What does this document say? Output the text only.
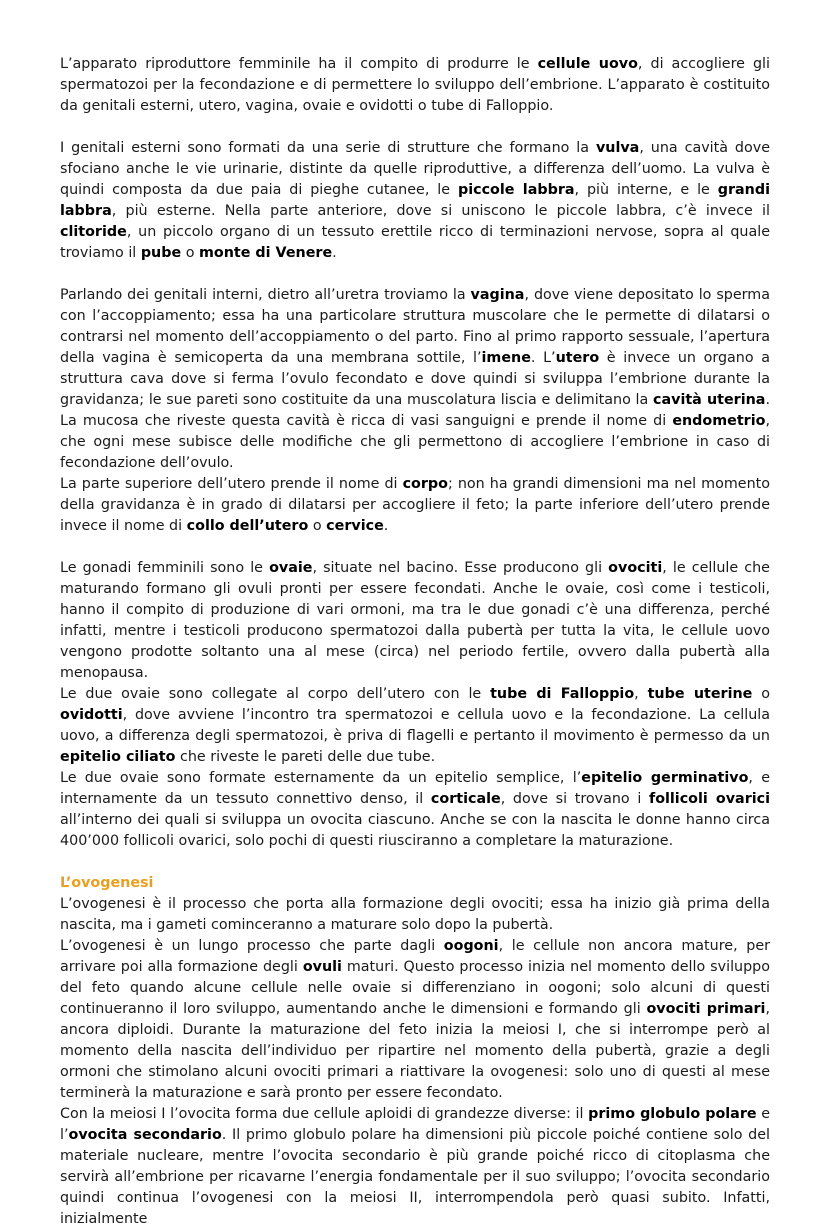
L’apparato riproduttore femminile ha il compito di produrre le cellule uovo, di accogliere gli spermatozoi per la fecondazione e di permettere lo sviluppo dell’embrione. L’apparato è costituito da genitali esterni, utero, vagina, ovaie e ovidotti o tube di Falloppio.

I genitali esterni sono formati da una serie di strutture che formano la vulva, una cavità dove sfociano anche le vie urinarie, distinte da quelle riproduttive, a differenza dell’uomo. La vulva è quindi composta da due paia di pieghe cutanee, le piccole labbra, più interne, e le grandi labbra, più esterne. Nella parte anteriore, dove si uniscono le piccole labbra, c’è invece il clitoride, un piccolo organo di un tessuto erettile ricco di terminazioni nervose, sopra al quale troviamo il pube o monte di Venere.

Parlando dei genitali interni, dietro all’uretra troviamo la vagina, dove viene depositato lo sperma con l’accoppiamento; essa ha una particolare struttura muscolare che le permette di dilatarsi o contrarsi nel momento dell’accoppiamento o del parto. Fino al primo rapporto sessuale, l’apertura della vagina è semicoperta da una membrana sottile, l’imene. L’utero è invece un organo a struttura cava dove si ferma l’ovulo fecondato e dove quindi si sviluppa l’embrione durante la gravidanza; le sue pareti sono costituite da una muscolatura liscia e delimitano la cavità uterina. La mucosa che riveste questa cavità è ricca di vasi sanguigni e prende il nome di endometrio, che ogni mese subisce delle modifiche che gli permettono di accogliere l’embrione in caso di fecondazione dell’ovulo.

La parte superiore dell’utero prende il nome di corpo; non ha grandi dimensioni ma nel momento della gravidanza è in grado di dilatarsi per accogliere il feto; la parte inferiore dell’utero prende invece il nome di collo dell’utero o cervice.

Le gonadi femminili sono le ovaie, situate nel bacino. Esse producono gli ovociti, le cellule che maturando formano gli ovuli pronti per essere fecondati. Anche le ovaie, così come i testicoli, hanno il compito di produzione di vari ormoni, ma tra le due gonadi c’è una differenza, perché infatti, mentre i testicoli producono spermatozoi dalla pubertà per tutta la vita, le cellule uovo vengono prodotte soltanto una al mese (circa) nel periodo fertile, ovvero dalla pubertà alla menopausa.

Le due ovaie sono collegate al corpo dell’utero con le tube di Falloppio, tube uterine o ovidotti, dove avviene l’incontro tra spermatozoi e cellula uovo e la fecondazione. La cellula uovo, a differenza degli spermatozoi, è priva di flagelli e pertanto il movimento è permesso da un epitelio ciliato che riveste le pareti delle due tube.

Le due ovaie sono formate esternamente da un epitelio semplice, l’epitelio germinativo, e internamente da un tessuto connettivo denso, il corticale, dove si trovano i follicoli ovarici all’interno dei quali si sviluppa un ovocita ciascuno. Anche se con la nascita le donne hanno circa 400’000 follicoli ovarici, solo pochi di questi riusciranno a completare la maturazione.

L’ovogenesi

L’ovogenesi è il processo che porta alla formazione degli ovociti; essa ha inizio già prima della nascita, ma i gameti cominceranno a maturare solo dopo la pubertà.

L’ovogenesi è un lungo processo che parte dagli oogoni, le cellule non ancora mature, per arrivare poi alla formazione degli ovuli maturi. Questo processo inizia nel momento dello sviluppo del feto quando alcune cellule nelle ovaie si differenziano in oogoni; solo alcuni di questi continueranno il loro sviluppo, aumentando anche le dimensioni e formando gli ovociti primari, ancora diploidi. Durante la maturazione del feto inizia la meiosi I, che si interrompe però al momento della nascita dell’individuo per ripartire nel momento della pubertà, grazie a degli ormoni che stimolano alcuni ovociti primari a riattivare la ovogenesi: solo uno di questi al mese terminerà la maturazione e sarà pronto per essere fecondato.

Con la meiosi I l’ovocita forma due cellule aploidi di grandezze diverse: il primo globulo polare e l’ovocita secondario. Il primo globulo polare ha dimensioni più piccole poiché contiene solo del materiale nucleare, mentre l’ovocita secondario è più grande poiché ricco di citoplasma che servirà all’embrione per ricavarne l’energia fondamentale per il suo sviluppo; l’ovocita secondario quindi continua l’ovogenesi con la meiosi II, interrompendola però quasi subito. Infatti, inizialmente
